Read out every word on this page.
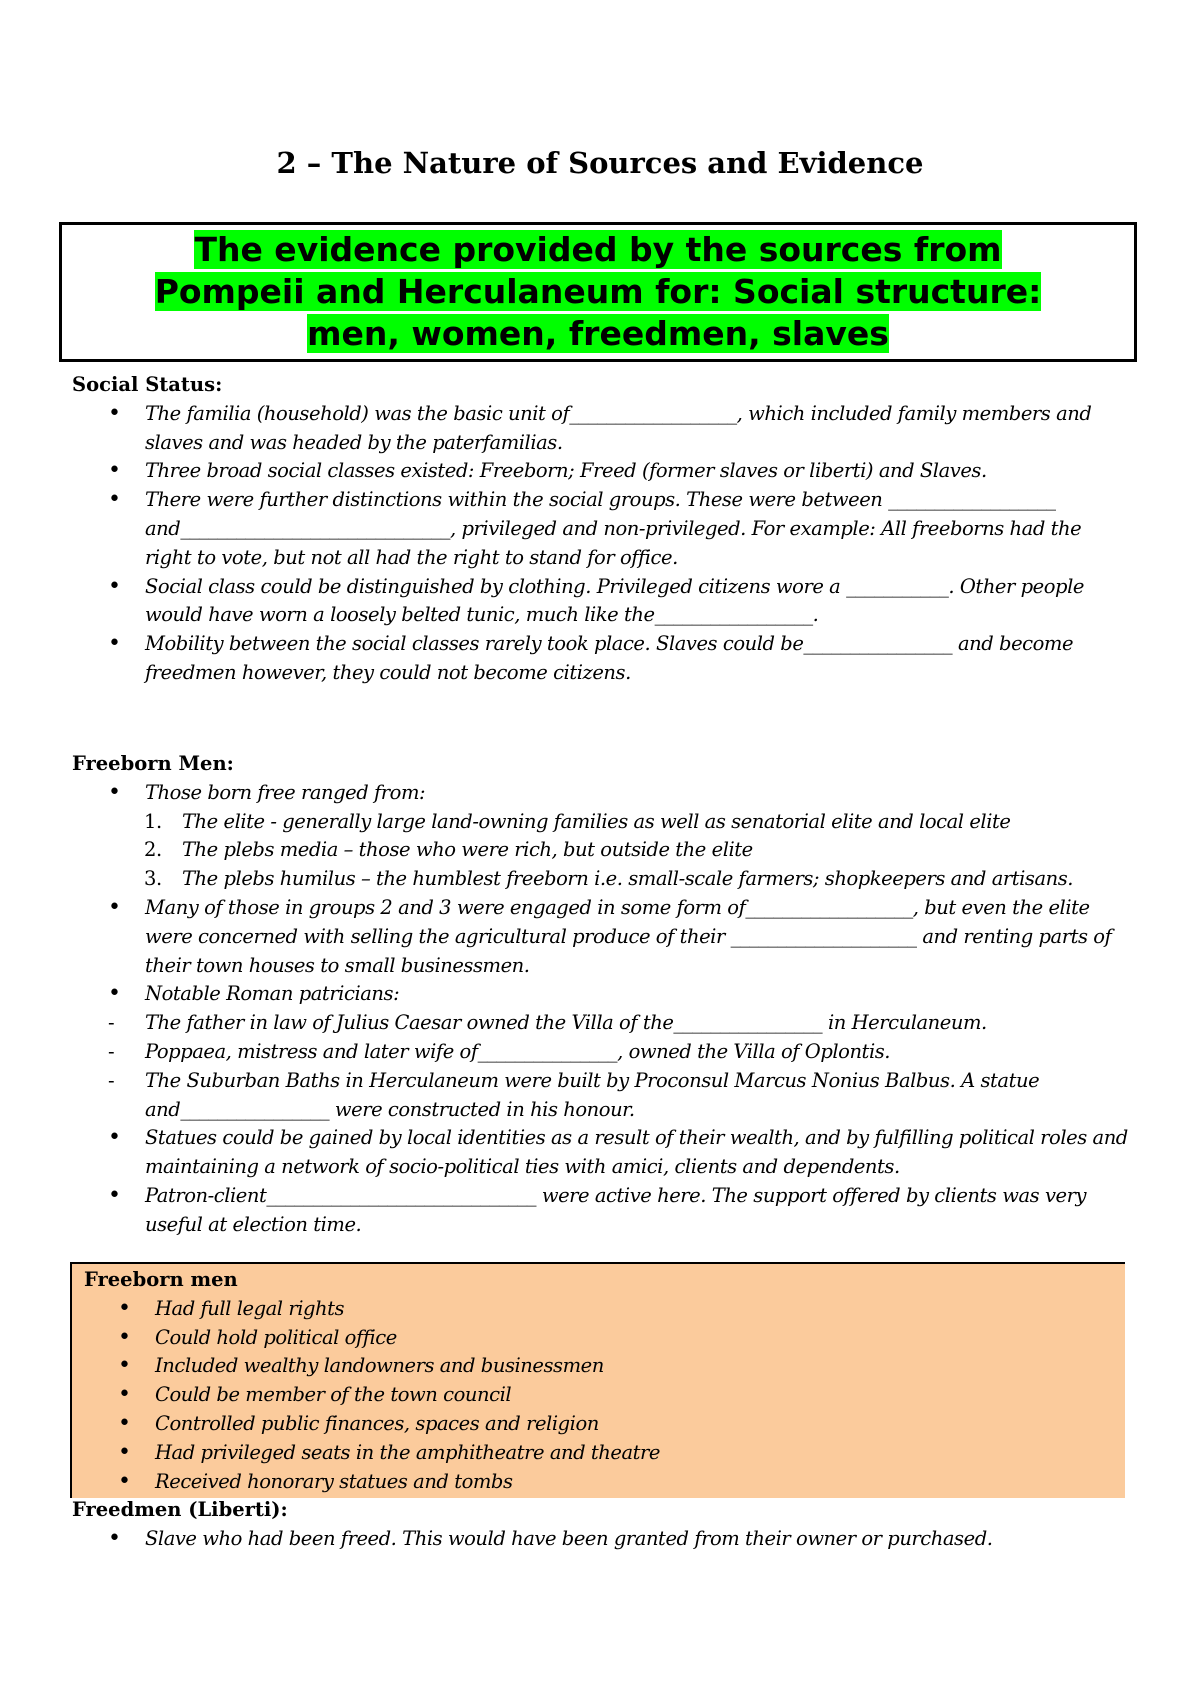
2 – The Nature of Sources and Evidence
The evidence provided by the sources from
Pompeii and Herculaneum for: Social structure:
men, women, freedmen, slaves
Social Status:
•
The familia (household) was the basic unit of__________________, which included family members and slaves and was headed by the paterfamilias.
•
Three broad social classes existed: Freeborn; Freed (former slaves or liberti) and Slaves.
•
There were further distinctions within the social groups. These were between __________________ and_____________________________, privileged and non-privileged. For example: All freeborns had the right to vote, but not all had the right to stand for office.
•
Social class could be distinguished by clothing. Privileged citizens wore a ___________. Other people would have worn a loosely belted tunic, much like the_________________.
•
Mobility between the social classes rarely took place. Slaves could be________________ and become freedmen however, they could not become citizens.
Freeborn Men:
•
Those born free ranged from:
1. The elite - generally large land-owning families as well as senatorial elite and local elite
2. The plebs media – those who were rich, but outside the elite
3. The plebs humilus – the humblest freeborn i.e. small-scale farmers; shopkeepers and artisans.
•
Many of those in groups 2 and 3 were engaged in some form of__________________, but even the elite were concerned with selling the agricultural produce of their ____________________ and renting parts of their town houses to small businessmen.
•
Notable Roman patricians:
-
The father in law of Julius Caesar owned the Villa of the________________ in Herculaneum.
-
Poppaea, mistress and later wife of_______________, owned the Villa of Oplontis.
-
The Suburban Baths in Herculaneum were built by Proconsul Marcus Nonius Balbus. A statue and________________ were constructed in his honour.
•
Statues could be gained by local identities as a result of their wealth, and by fulfilling political roles and maintaining a network of socio-political ties with amici, clients and dependents.
•
Patron-client_____________________________ were active here. The support offered by clients was very useful at election time.
Freeborn men
•
Had full legal rights
•
Could hold political office
•
Included wealthy landowners and businessmen
•
Could be member of the town council
•
Controlled public finances, spaces and religion
•
Had privileged seats in the amphitheatre and theatre
•
Received honorary statues and tombs
Freedmen (Liberti):
•
Slave who had been freed. This would have been granted from their owner or purchased.
